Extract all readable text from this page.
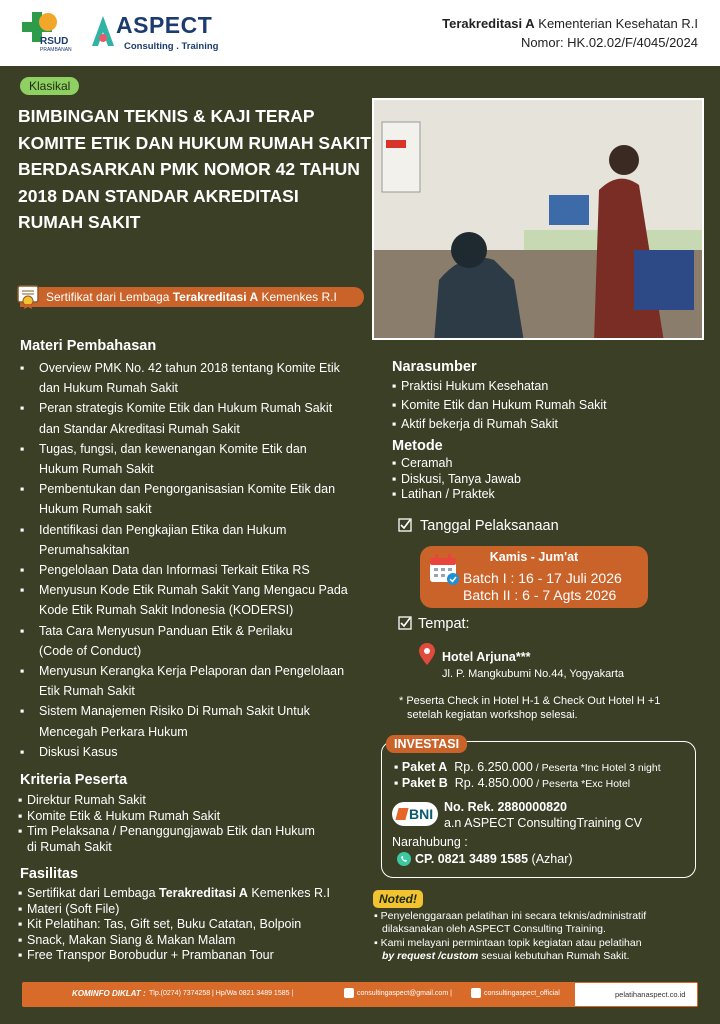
RSUD
PRAMBANAN
ASPECT
Consulting . Training
Terakreditasi A Kementerian Kesehatan R.I
Nomor: HK.02.02/F/4045/2024
Klasikal
BIMBINGAN TEKNIS & KAJI TERAP
KOMITE ETIK DAN HUKUM RUMAH SAKIT
BERDASARKAN PMK NOMOR 42 TAHUN
2018 DAN STANDAR AKREDITASI
RUMAH SAKIT
Sertifikat dari Lembaga Terakreditasi A Kemenkes R.I
Materi Pembahasan
▪ Overview PMK No. 42 tahun 2018 tentang Komite Etik
dan Hukum Rumah Sakit
▪ Peran strategis Komite Etik dan Hukum Rumah Sakit
dan Standar Akreditasi Rumah Sakit
▪ Tugas, fungsi, dan kewenangan Komite Etik dan
Hukum Rumah Sakit
▪ Pembentukan dan Pengorganisasian Komite Etik dan
Hukum Rumah sakit
▪ Identifikasi dan Pengkajian Etika dan Hukum
Perumahsakitan
▪ Pengelolaan Data dan Informasi Terkait Etika RS
▪ Menyusun Kode Etik Rumah Sakit Yang Mengacu Pada
Kode Etik Rumah Sakit Indonesia (KODERSI)
▪ Tata Cara Menyusun Panduan Etik & Perilaku
(Code of Conduct)
▪ Menyusun Kerangka Kerja Pelaporan dan Pengelolaan
Etik Rumah Sakit
▪ Sistem Manajemen Risiko Di Rumah Sakit Untuk
Mencegah Perkara Hukum
▪ Diskusi Kasus
Kriteria Peserta
▪ Direktur Rumah Sakit
▪ Komite Etik & Hukum Rumah Sakit
▪ Tim Pelaksana / Penanggungjawab Etik dan Hukum
di Rumah Sakit
Fasilitas
▪ Sertifikat dari Lembaga Terakreditasi A Kemenkes R.I
▪ Materi (Soft File)
▪ Kit Pelatihan: Tas, Gift set, Buku Catatan, Bolpoin
▪ Snack, Makan Siang & Makan Malam
▪ Free Transpor Borobudur + Prambanan Tour
Narasumber
▪ Praktisi Hukum Kesehatan
▪ Komite Etik dan Hukum Rumah Sakit
▪ Aktif bekerja di Rumah Sakit
Metode
▪ Ceramah
▪ Diskusi, Tanya Jawab
▪ Latihan / Praktek
Tanggal Pelaksanaan
Kamis - Jum'at
Batch I : 16 - 17 Juli 2026
Batch II : 6 - 7 Agts 2026
Tempat:
Hotel Arjuna***
Jl. P. Mangkubumi No.44, Yogyakarta
* Peserta Check in Hotel H-1 & Check Out Hotel H +1
setelah kegiatan workshop selesai.
INVESTASI
▪ Paket A Rp. 6.250.000 / Peserta *Inc Hotel 3 night
▪ Paket B Rp. 4.850.000 / Peserta *Exc Hotel
BNI No. Rek. 2880000820
a.n ASPECT ConsultingTraining CV
Narahubung :
CP. 0821 3489 1585 (Azhar)
Noted!
▪ Penyelenggaraan pelatihan ini secara teknis/administratif
dilaksanakan oleh ASPECT Consulting Training.
▪ Kami melayani permintaan topik kegiatan atau pelatihan
by request /custom sesuai kebutuhan Rumah Sakit.
KOMINFO DIKLAT : Tlp.(0274) 7374258 | Hp/Wa 0821 3489 1585 |	consultingaspect@gmail.com |	consultingaspect_official	pelatihanaspect.co.id
